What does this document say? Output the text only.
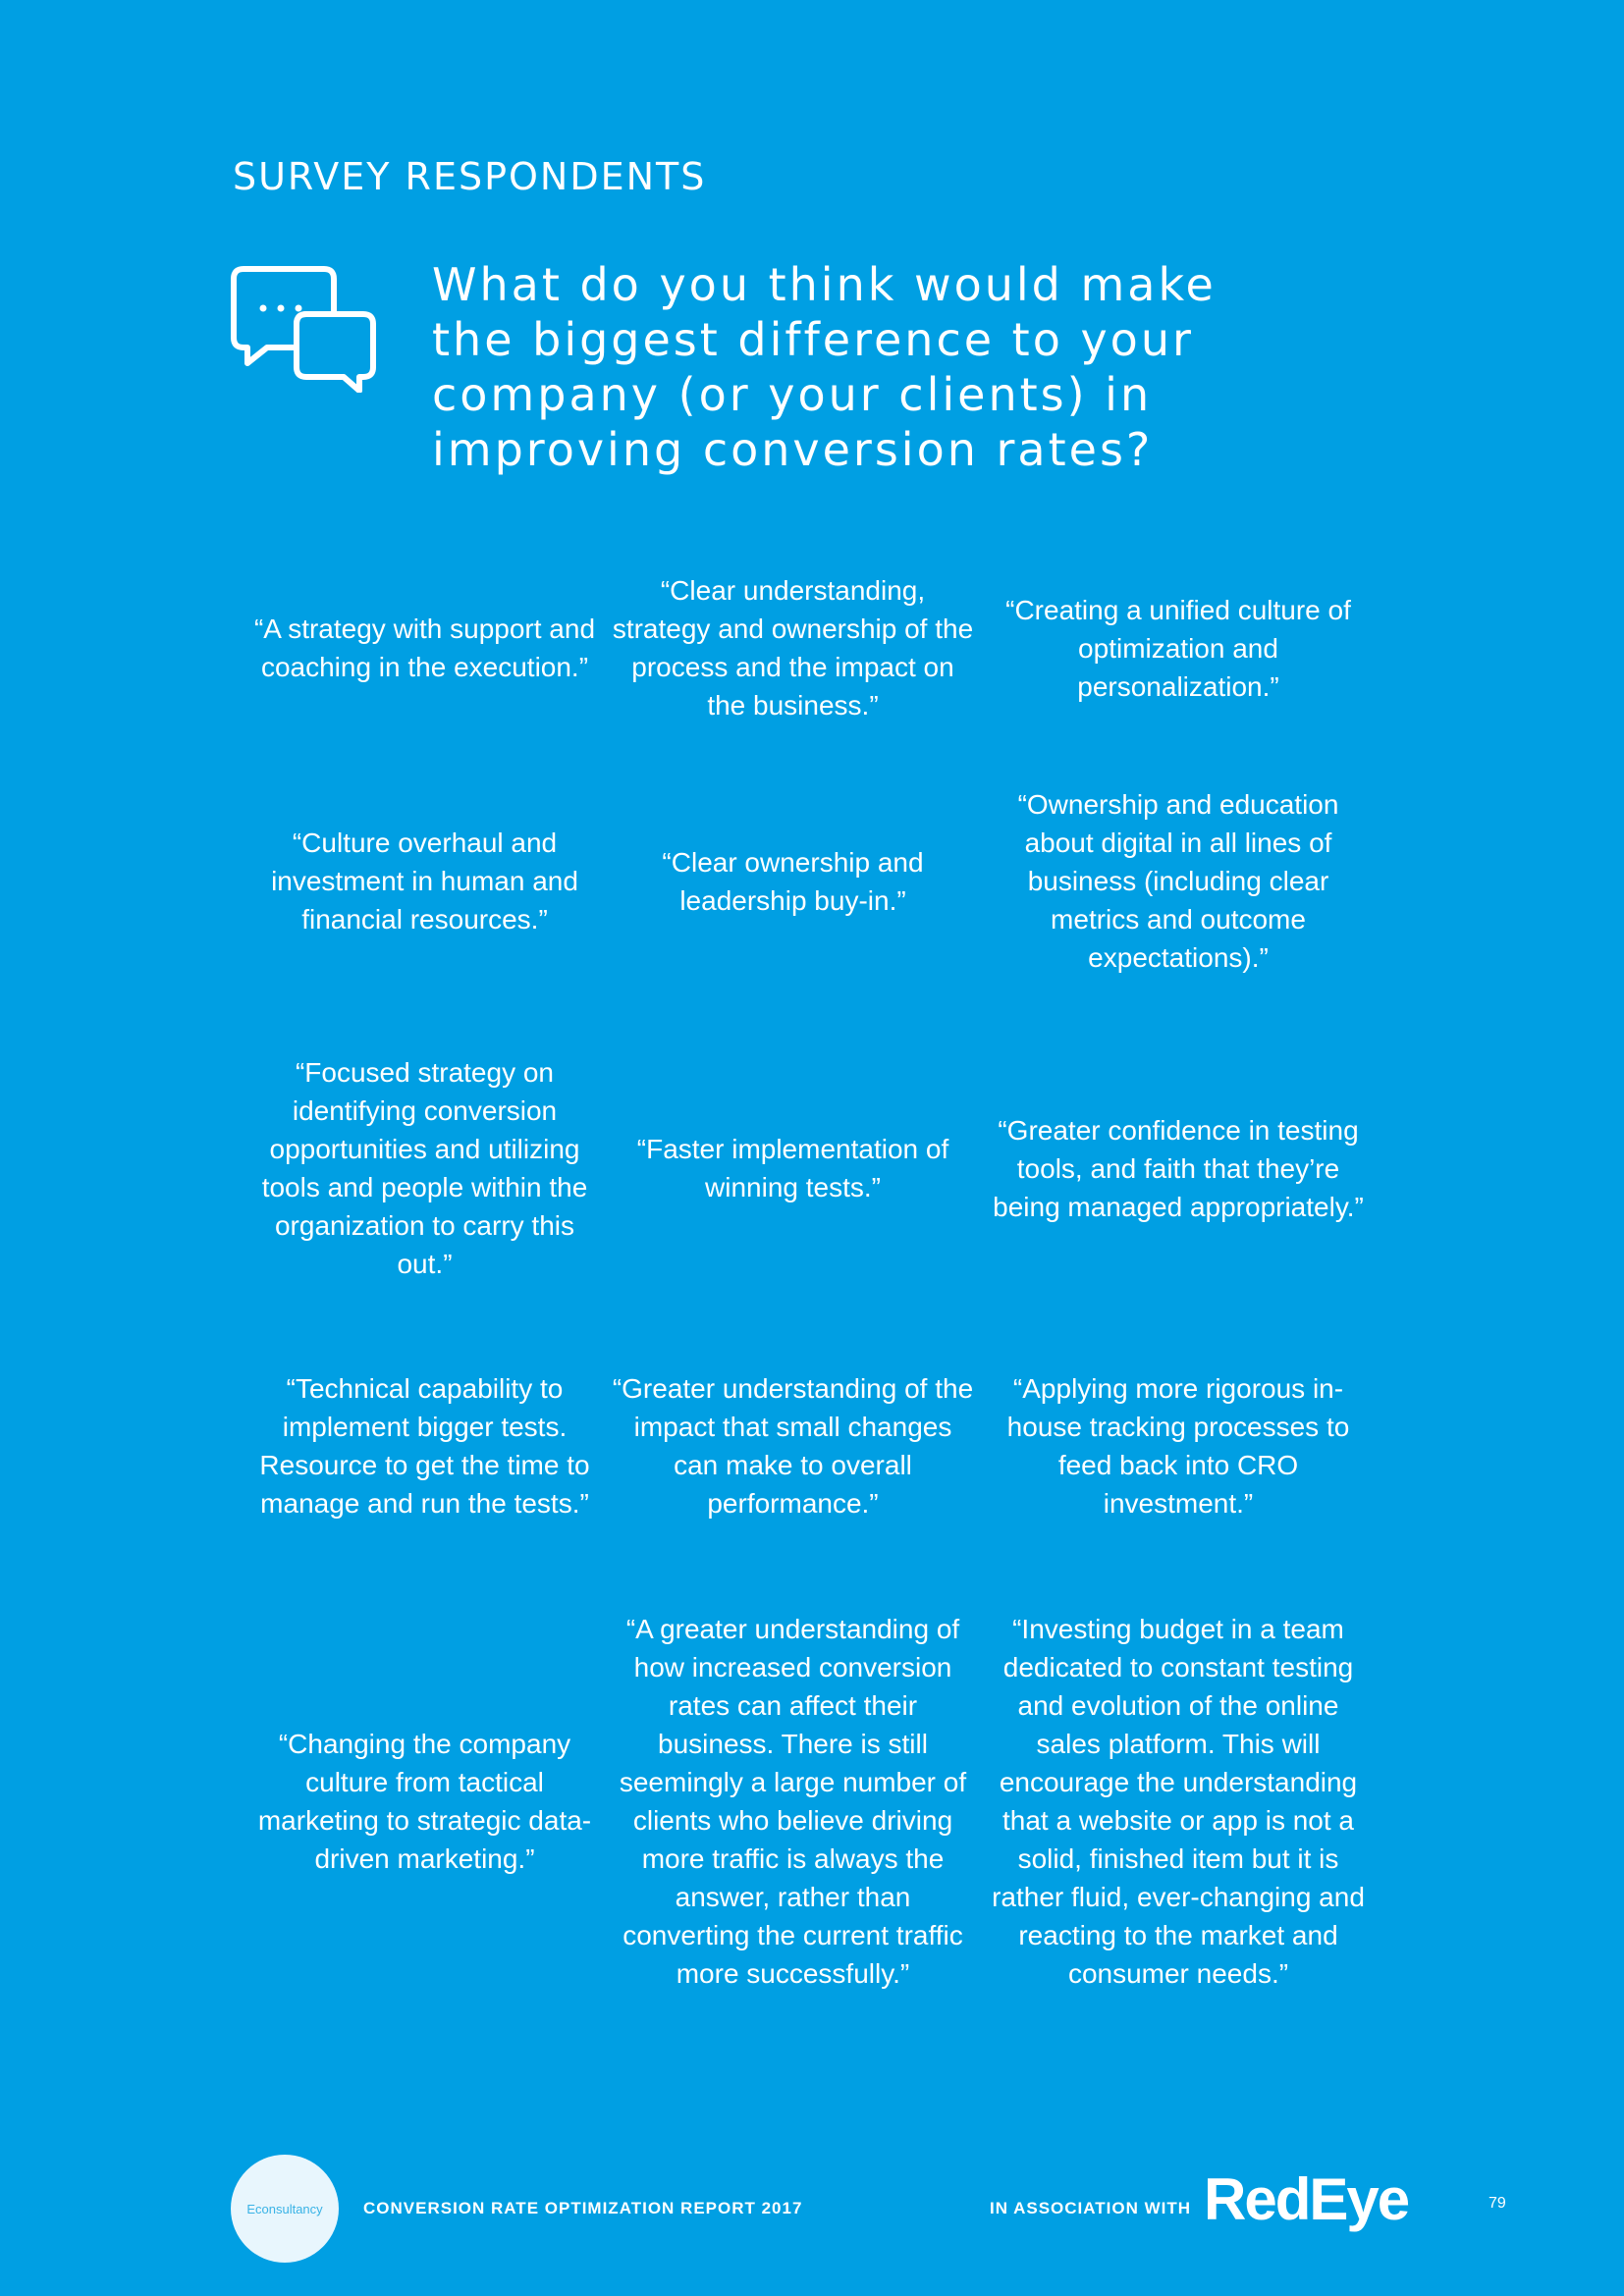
SURVEY RESPONDENTS
What do you think would make the biggest difference to your company (or your clients) in improving conversion rates?
“A strategy with support and coaching in the execution.”
“Clear understanding, strategy and ownership of the process and the impact on the business.”
“Creating a unified culture of optimization and personalization.”
“Culture overhaul and investment in human and financial resources.”
“Clear ownership and leadership buy-in.”
“Ownership and education about digital in all lines of business (including clear metrics and outcome expectations).”
“Focused strategy on identifying conversion opportunities and utilizing tools and people within the organization to carry this out.”
“Faster implementation of winning tests.”
“Greater confidence in testing tools, and faith that they’re being managed appropriately.”
“Technical capability to implement bigger tests. Resource to get the time to manage and run the tests.”
“Greater understanding of the impact that small changes can make to overall performance.”
“Applying more rigorous in-house tracking processes to feed back into CRO investment.”
“Changing the company culture from tactical marketing to strategic data-driven marketing.”
“A greater understanding of how increased conversion rates can affect their business. There is still seemingly a large number of clients who believe driving more traffic is always the answer, rather than converting the current traffic more successfully.”
“Investing budget in a team dedicated to constant testing and evolution of the online sales platform. This will encourage the understanding that a website or app is not a solid, finished item but it is rather fluid, ever-changing and reacting to the market and consumer needs.”
Econsultancy	CONVERSION RATE OPTIMIZATION REPORT 2017	IN ASSOCIATION WITH RedEye	79
